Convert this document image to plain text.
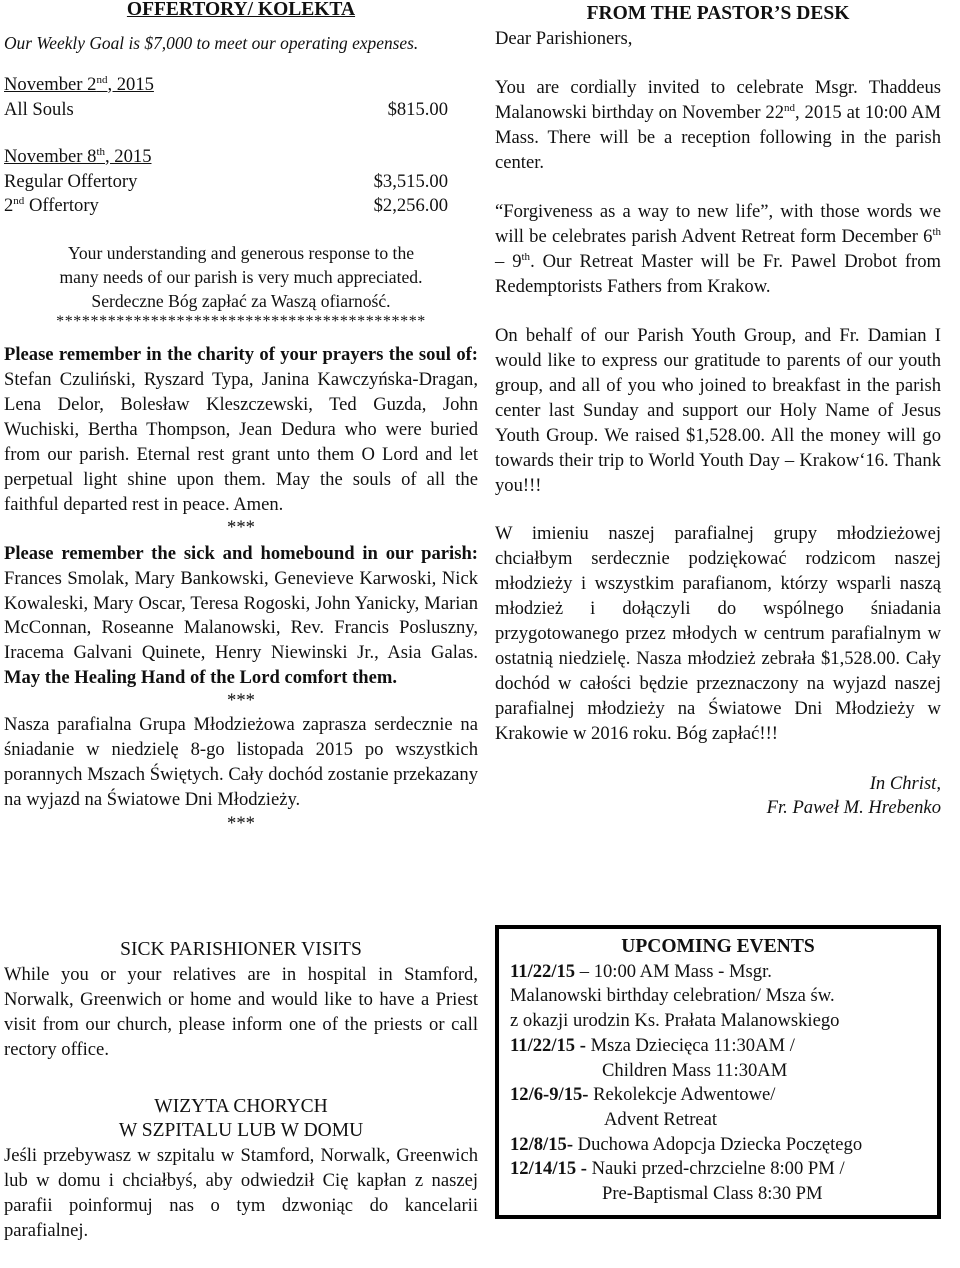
OFFERTORY/ KOLEKTA
Our Weekly Goal is $7,000 to meet our operating expenses.
November 2nd, 2015
All Souls	$815.00
November 8th, 2015
Regular Offertory	$3,515.00
2nd Offertory	$2,256.00
Your understanding and generous response to the
many needs of our parish is very much appreciated.
Serdeczne Bóg zapłać za Waszą ofiarność.
*******************************************
Please remember in the charity of your prayers the soul of: Stefan Czuliński, Ryszard Typa, Janina Kawczyńska-Dragan, Lena Delor, Bolesław Kleszczewski, Ted Guzda, John Wuchiski, Bertha Thompson, Jean Dedura who were buried from our parish. Eternal rest grant unto them O Lord and let perpetual light shine upon them. May the souls of all the faithful departed rest in peace. Amen.
***
Please remember the sick and homebound in our parish: Frances Smolak, Mary Bankowski, Genevieve Karwoski, Nick Kowaleski, Mary Oscar, Teresa Rogoski, John Yanicky, Marian McConnan, Roseanne Malanowski, Rev. Francis Posluszny, Iracema Galvani Quinete, Henry Niewinski Jr., Asia Galas. May the Healing Hand of the Lord comfort them.
***
Nasza parafialna Grupa Młodzieżowa zaprasza serdecznie na śniadanie w niedzielę 8-go listopada 2015 po wszystkich porannych Mszach Świętych. Cały dochód zostanie przekazany na wyjazd na Światowe Dni Młodzieży.
***
SICK PARISHIONER VISITS
While you or your relatives are in hospital in Stamford, Norwalk, Greenwich or home and would like to have a Priest visit from our church, please inform one of the priests or call rectory office.
WIZYTA CHORYCH
W SZPITALU LUB W DOMU
Jeśli przebywasz w szpitalu w Stamford, Norwalk, Greenwich lub w domu i chciałbyś, aby odwiedził Cię kapłan z naszej parafii poinformuj nas o tym dzwoniąc do kancelarii parafialnej.
FROM THE PASTOR’S DESK
Dear Parishioners,
You are cordially invited to celebrate Msgr. Thaddeus Malanowski birthday on November 22nd, 2015 at 10:00 AM Mass. There will be a reception following in the parish center.
“Forgiveness as a way to new life”, with those words we will be celebrates parish Advent Retreat form December 6th – 9th. Our Retreat Master will be Fr. Pawel Drobot from Redemptorists Fathers from Krakow.
On behalf of our Parish Youth Group, and Fr. Damian I would like to express our gratitude to parents of our youth group, and all of you who joined to breakfast in the parish center last Sunday and support our Holy Name of Jesus Youth Group. We raised $1,528.00. All the money will go towards their trip to World Youth Day – Krakow‘16. Thank you!!!
W imieniu naszej parafialnej grupy młodzieżowej chciałbym serdecznie podziękować rodzicom naszej młodzieży i wszystkim parafianom, którzy wsparli naszą młodzież i dołączyli do wspólnego śniadania przygotowanego przez młodych w centrum parafialnym w ostatnią niedzielę. Nasza młodzież zebrała $1,528.00. Cały dochód w całości będzie przeznaczony na wyjazd naszej parafialnej młodzieży na Światowe Dni Młodzieży w Krakowie w 2016 roku. Bóg zapłać!!!
In Christ,
Fr. Paweł M. Hrebenko
UPCOMING EVENTS
11/22/15 – 10:00 AM Mass - Msgr.
Malanowski birthday celebration/ Msza św.
z okazji urodzin Ks. Prałata Malanowskiego
11/22/15 - Msza Dziecięca 11:30AM /
Children Mass 11:30AM
12/6-9/15- Rekolekcje Adwentowe/
Advent Retreat
12/8/15- Duchowa Adopcja Dziecka Poczętego
12/14/15 - Nauki przed-chrzcielne 8:00 PM /
Pre-Baptismal Class 8:30 PM
